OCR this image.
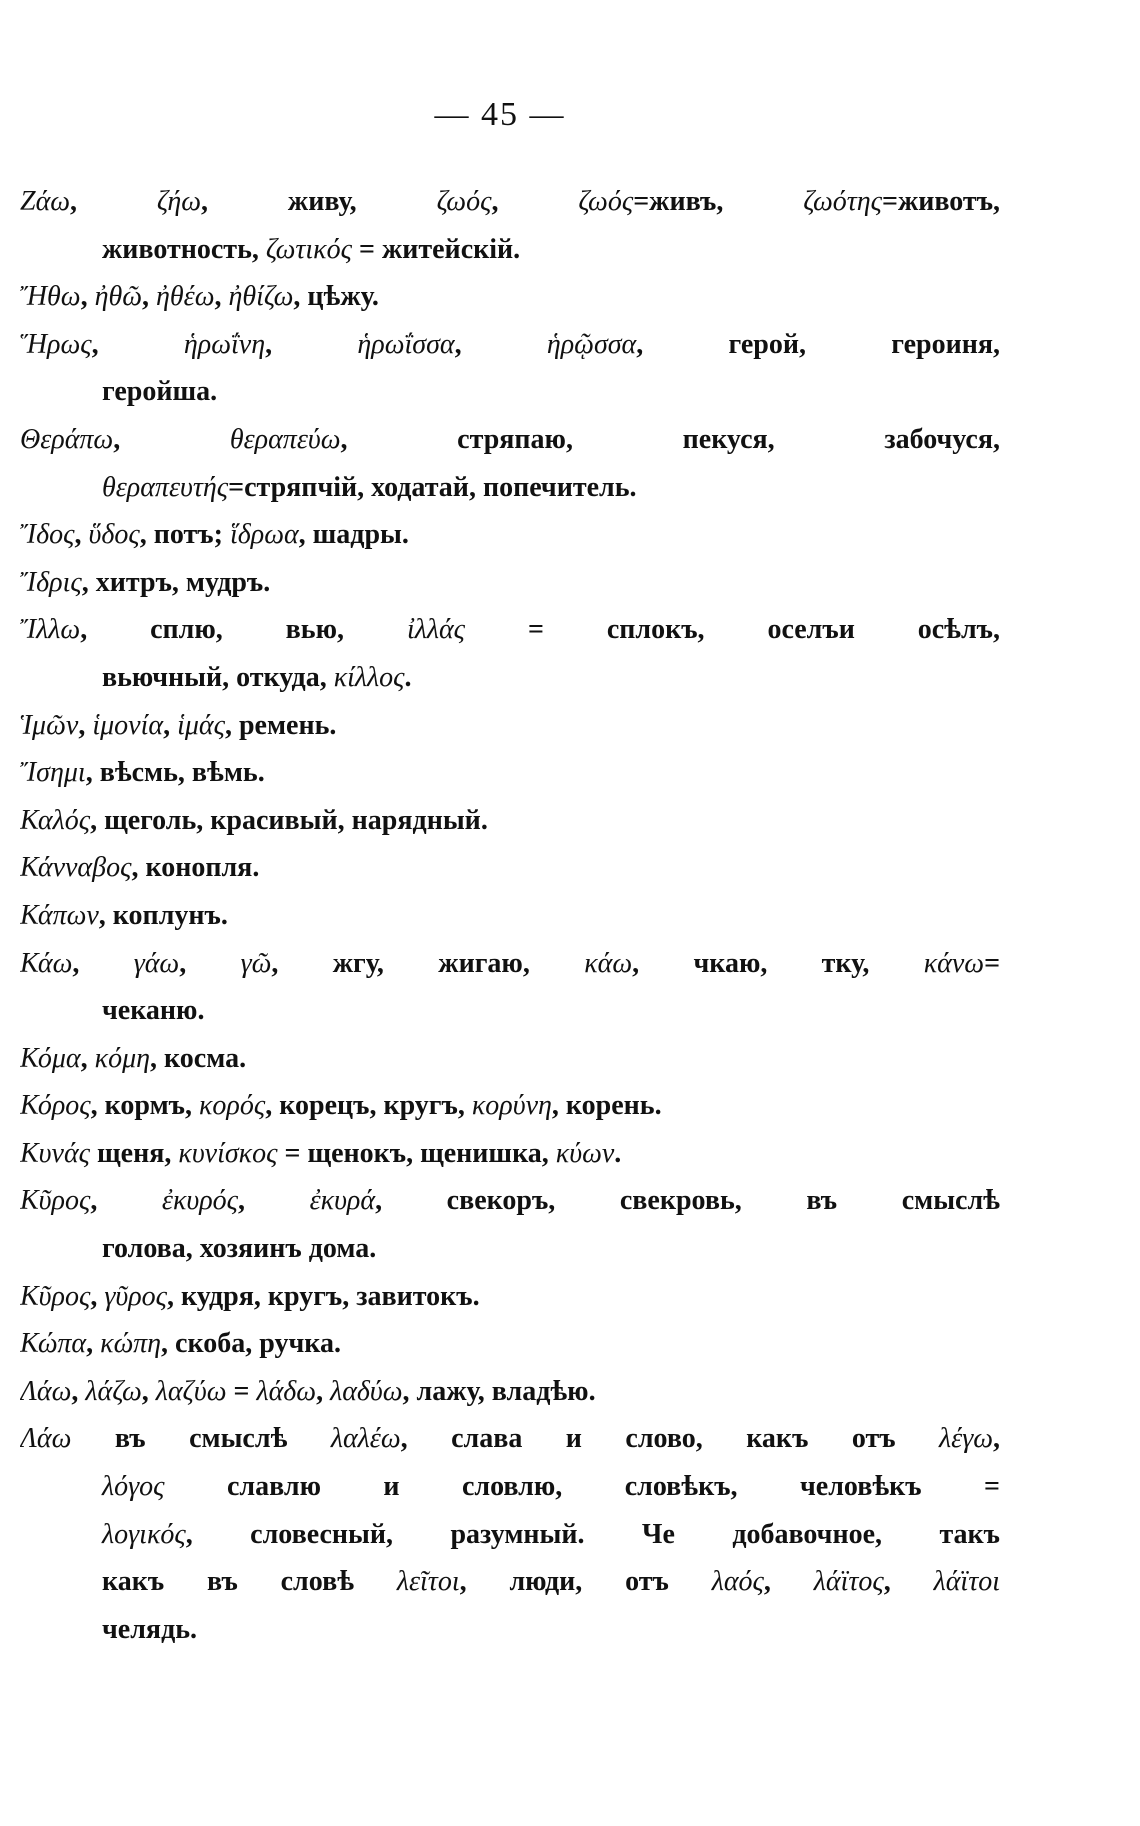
— 45 —
Ζάω, ζήω, живу, ζωός, ζωός=живъ, ζωότης=животъ,
животность, ζωτικός = житейскій.
Ἤθω, ἠθῶ, ἠθέω, ἠθίζω, цѣжу.
Ἥρως, ἡρωΐνη, ἡρωΐσσα, ἡρῷσσα, герой, героиня,
геройша.
Θεράπω, θεραπεύω, стряпаю, пекуся, забочуся,
θεραπευτής=стряпчій, ходатай, попечитель.
Ἴδος, ὕδος, потъ; ἵδρωα, шадры.
Ἴδρις, хитръ, мудръ.
Ἴλλω, сплю, вью, ἰλλάς = сплокъ, оселъи осѣлъ,
вьючный, откуда, κίλλος.
Ἱμῶν, ἱμονία, ἱμάς, ремень.
Ἴσημι, вѣсмь, вѣмь.
Καλός, щеголь, красивый, нарядный.
Κάνναβος, конопля.
Κάπων, коплунъ.
Κάω, γάω, γῶ, жгу, жигаю, κάω, чкаю, тку, κάνω=
чеканю.
Κόμα, κόμη, косма.
Κόρος, кормъ, κορός, корецъ, кругъ, κορύνη, корень.
Κυνάς щеня, κυνίσκος = щенокъ, щенишка, κύων.
Κῦρος, ἐκυρός, ἐκυρά, свекоръ, свекровь, въ смыслѣ
голова, хозяинъ дома.
Κῦρος, γῦρος, кудря, кругъ, завитокъ.
Κώπα, κώπη, скоба, ручка.
Λάω, λάζω, λαζύω = λάδω, λαδύω, лажу, владѣю.
Λάω въ смыслѣ λαλέω, слава и слово, какъ отъ λέγω,
λόγος славлю и словлю, словѣкъ, человѣкъ =
λογικός, словесный, разумный. Че добавочное, такъ
какъ въ словѣ λεῖτοι, люди, отъ λαός, λάϊτος, λάϊτοι
челядь.
